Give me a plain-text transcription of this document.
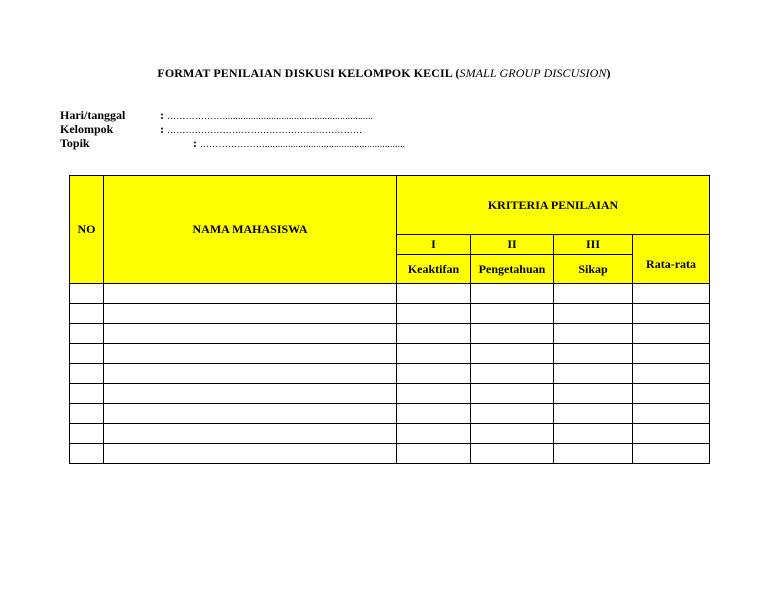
FORMAT PENILAIAN DISKUSI KELOMPOK KECIL (SMALL GROUP DISCUSION)
Hari/tanggal	: ………………...........................................................
Kelompok	: ………………………………………………………
Topik	: ………………….......................................................
NO	NAMA MAHASISWA	KRITERIA PENILAIAN			
		I	II	III	Rata-rata
		Keaktifan	Pengetahuan	Sikap	
